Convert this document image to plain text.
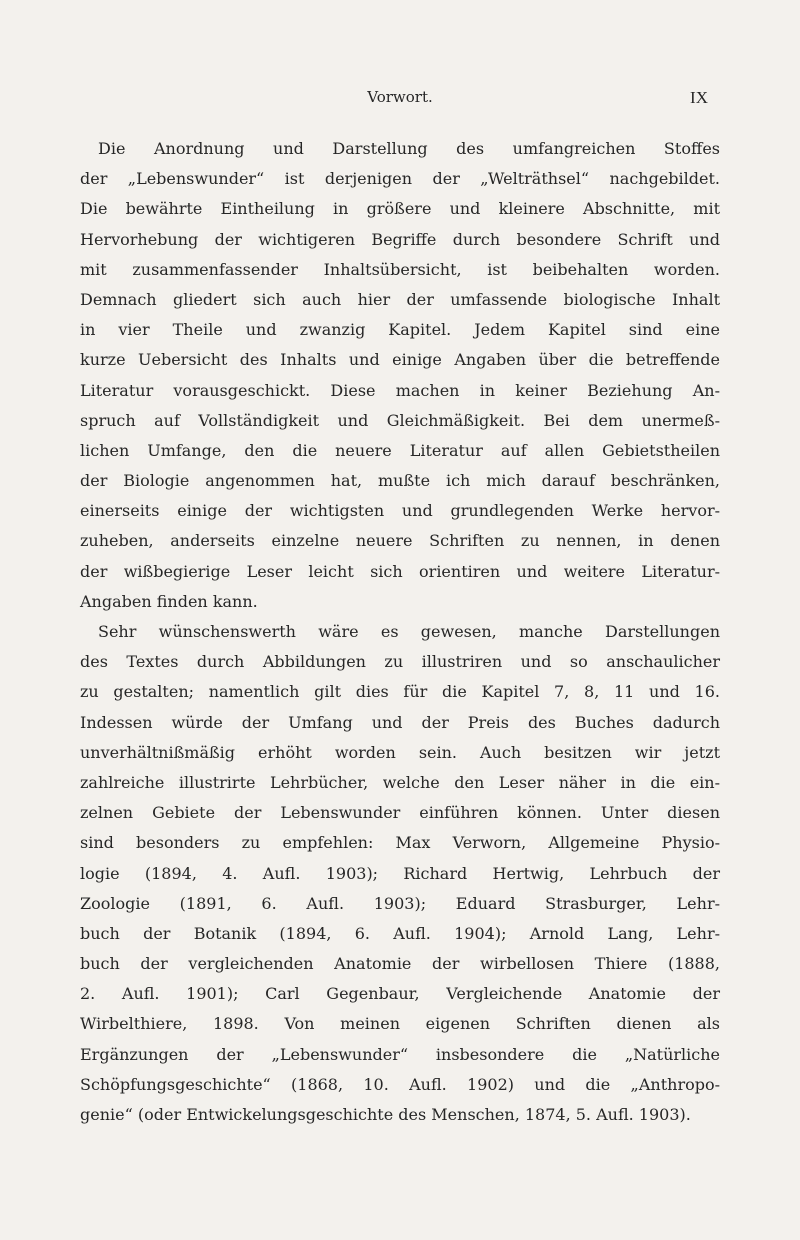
Vorwort.	IX
Die Anordnung und Darstellung des umfangreichen Stoffes
der „Lebenswunder“ ist derjenigen der „Welträthsel“ nachgebildet.
Die bewährte Eintheilung in größere und kleinere Abschnitte, mit
Hervorhebung der wichtigeren Begriffe durch besondere Schrift und
mit zusammenfassender Inhaltsübersicht, ist beibehalten worden.
Demnach gliedert sich auch hier der umfassende biologische Inhalt
in vier Theile und zwanzig Kapitel. Jedem Kapitel sind eine
kurze Uebersicht des Inhalts und einige Angaben über die betreffende
Literatur vorausgeschickt. Diese machen in keiner Beziehung An-
spruch auf Vollständigkeit und Gleichmäßigkeit. Bei dem unermeß-
lichen Umfange, den die neuere Literatur auf allen Gebietstheilen
der Biologie angenommen hat, mußte ich mich darauf beschränken,
einerseits einige der wichtigsten und grundlegenden Werke hervor-
zuheben, anderseits einzelne neuere Schriften zu nennen, in denen
der wißbegierige Leser leicht sich orientiren und weitere Literatur-
Angaben finden kann.
Sehr wünschenswerth wäre es gewesen, manche Darstellungen
des Textes durch Abbildungen zu illustriren und so anschaulicher
zu gestalten; namentlich gilt dies für die Kapitel 7, 8, 11 und 16.
Indessen würde der Umfang und der Preis des Buches dadurch
unverhältnißmäßig erhöht worden sein. Auch besitzen wir jetzt
zahlreiche illustrirte Lehrbücher, welche den Leser näher in die ein-
zelnen Gebiete der Lebenswunder einführen können. Unter diesen
sind besonders zu empfehlen: Max Verworn, Allgemeine Physio-
logie (1894, 4. Aufl. 1903); Richard Hertwig, Lehrbuch der
Zoologie (1891, 6. Aufl. 1903); Eduard Strasburger, Lehr-
buch der Botanik (1894, 6. Aufl. 1904); Arnold Lang, Lehr-
buch der vergleichenden Anatomie der wirbellosen Thiere (1888,
2. Aufl. 1901); Carl Gegenbaur, Vergleichende Anatomie der
Wirbelthiere, 1898. Von meinen eigenen Schriften dienen als
Ergänzungen der „Lebenswunder“ insbesondere die „Natürliche
Schöpfungsgeschichte“ (1868, 10. Aufl. 1902) und die „Anthropo-
genie“ (oder Entwickelungsgeschichte des Menschen, 1874, 5. Aufl. 1903).
